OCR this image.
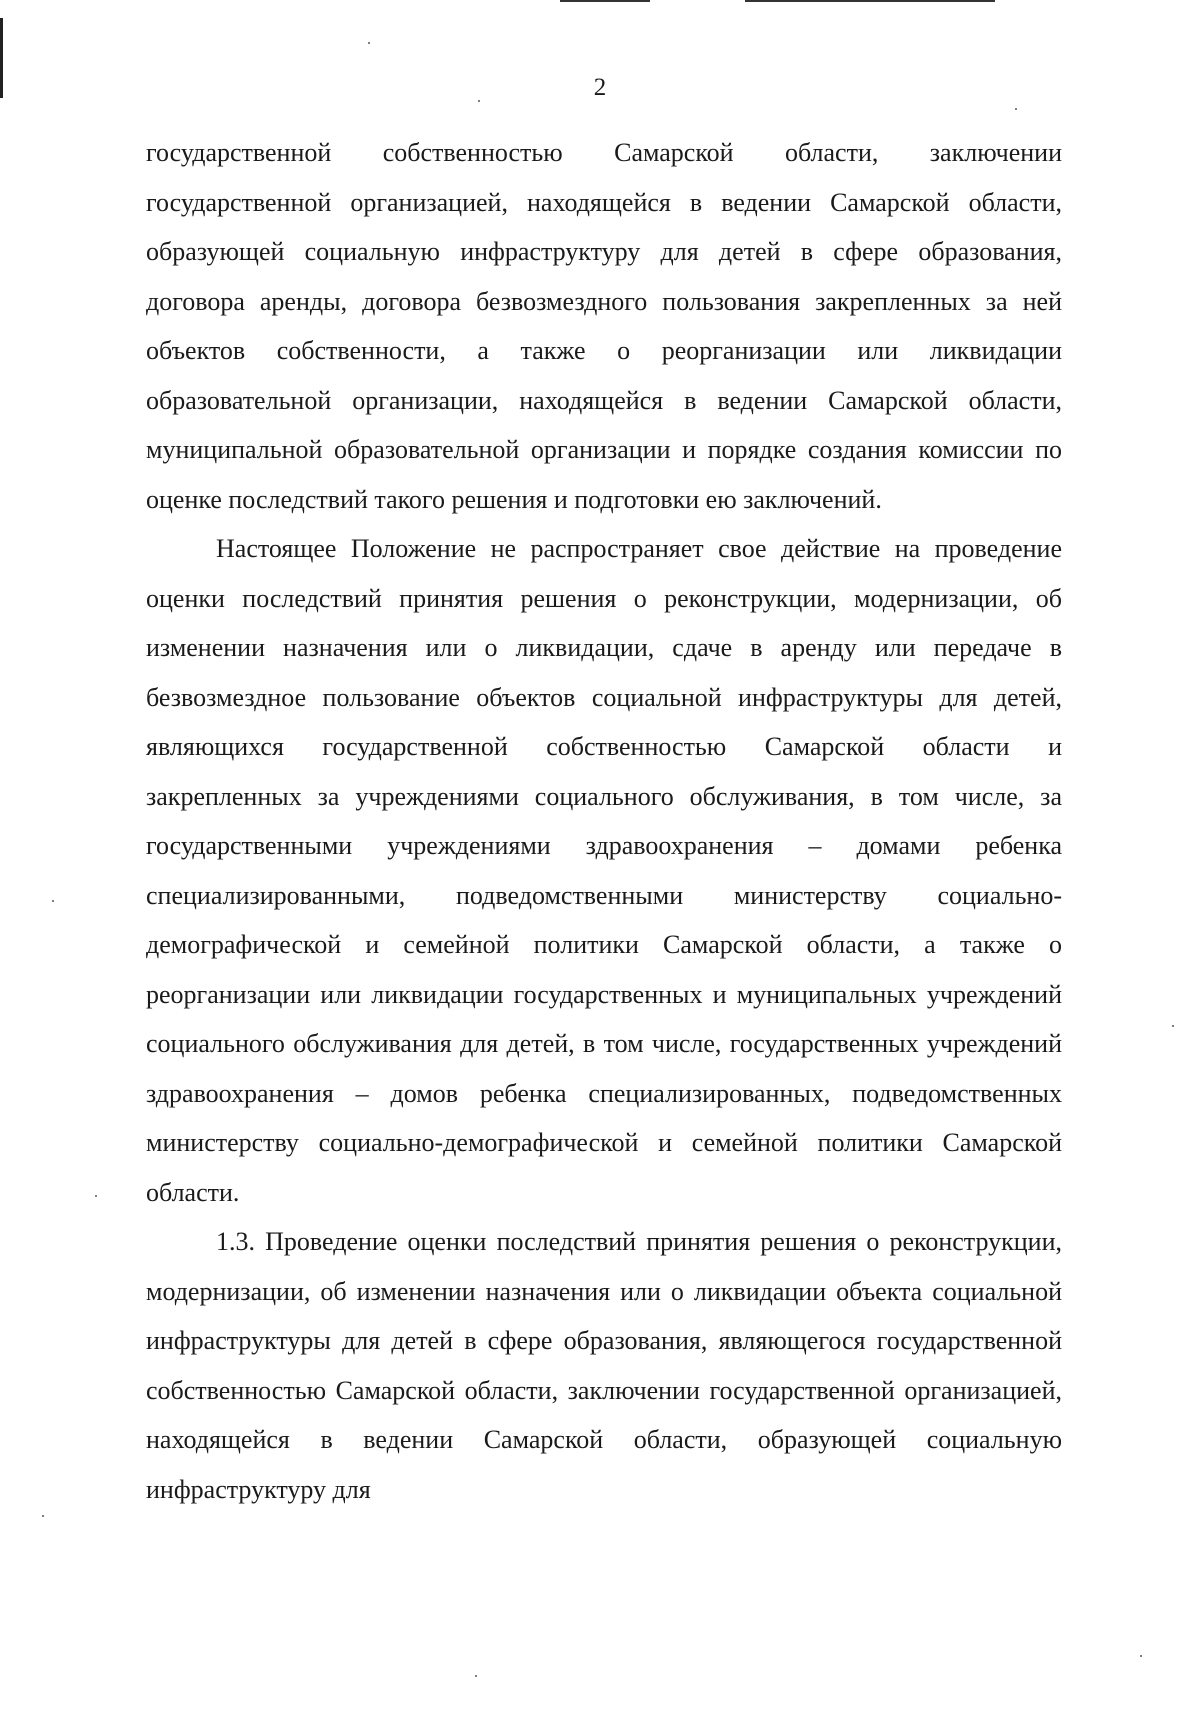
2

государственной собственностью Самарской области, заключении государственной организацией, находящейся в ведении Самарской области, образующей социальную инфраструктуру для детей в сфере образования, договора аренды, договора безвозмездного пользования закрепленных за ней объектов собственности, а также о реорганизации или ликвидации образовательной организации, находящейся в ведении Самарской области, муниципальной образовательной организации и порядке создания комиссии по оценке последствий такого решения и подготовки ею заключений.

Настоящее Положение не распространяет свое действие на проведение оценки последствий принятия решения о реконструкции, модернизации, об изменении назначения или о ликвидации, сдаче в аренду или передаче в безвозмездное пользование объектов социальной инфраструктуры для детей, являющихся государственной собственностью Самарской области и закрепленных за учреждениями социального обслуживания, в том числе, за государственными учреждениями здравоохранения – домами ребенка специализированными, подведомственными министерству социально-демографической и семейной политики Самарской области, а также о реорганизации или ликвидации государственных и муниципальных учреждений социального обслуживания для детей, в том числе, государственных учреждений здравоохранения – домов ребенка специализированных, подведомственных министерству социально-демографической и семейной политики Самарской области.

1.3. Проведение оценки последствий принятия решения о реконструкции, модернизации, об изменении назначения или о ликвидации объекта социальной инфраструктуры для детей в сфере образования, являющегося государственной собственностью Самарской области, заключении государственной организацией, находящейся в ведении Самарской области, образующей социальную инфраструктуру для
